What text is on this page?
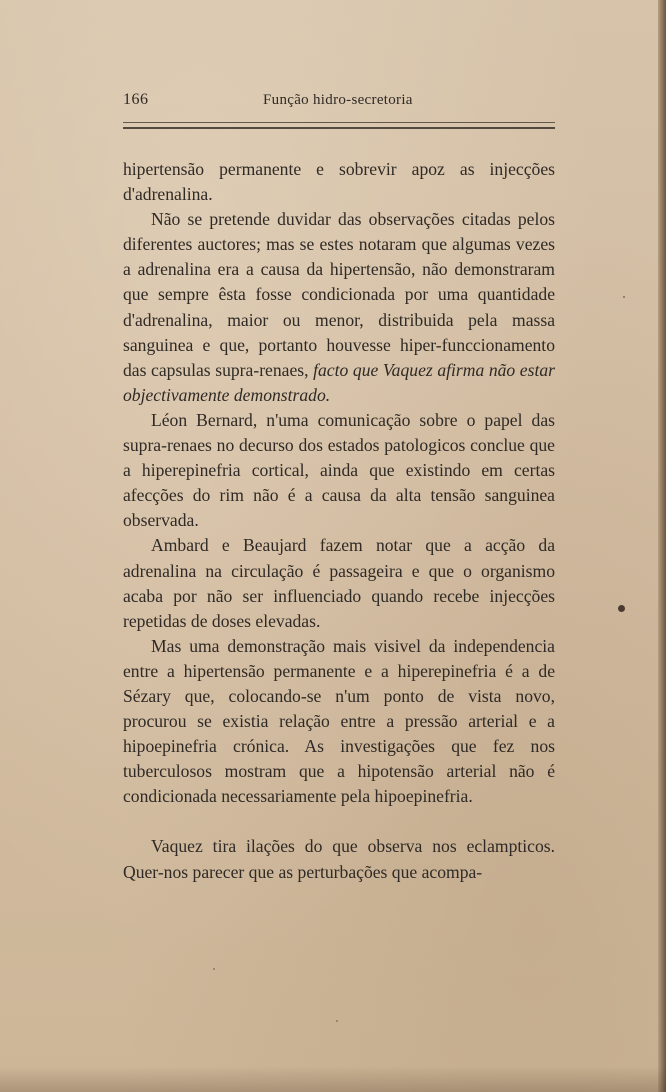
166	Função hidro-secretoria

hipertensão permanente e sobrevir apoz as injecções d'adrenalina.

Não se pretende duvidar das observações citadas pelos diferentes auctores; mas se estes notaram que algumas vezes a adrenalina era a causa da hipertensão, não demonstraram que sempre êsta fosse condicionada por uma quantidade d'adrenalina, maior ou menor, distribuida pela massa sanguinea e que, portanto houvesse hiper-funccionamento das capsulas supra-renaes, facto que Vaquez afirma não estar objectivamente demonstrado.

Léon Bernard, n'uma comunicação sobre o papel das supra-renaes no decurso dos estados patologicos conclue que a hiperepinefria cortical, ainda que existindo em certas afecções do rim não é a causa da alta tensão sanguinea observada.

Ambard e Beaujard fazem notar que a acção da adrenalina na circulação é passageira e que o organismo acaba por não ser influenciado quando recebe injecções repetidas de doses elevadas.

Mas uma demonstração mais visivel da independencia entre a hipertensão permanente e a hiperepinefria é a de Sézary que, colocando-se n'um ponto de vista novo, procurou se existia relação entre a pressão arterial e a hipoepinefria crónica. As investigações que fez nos tuberculosos mostram que a hipotensão arterial não é condicionada necessariamente pela hipoepinefria.

Vaquez tira ilações do que observa nos eclampticos. Quer-nos parecer que as perturbações que acompa-
